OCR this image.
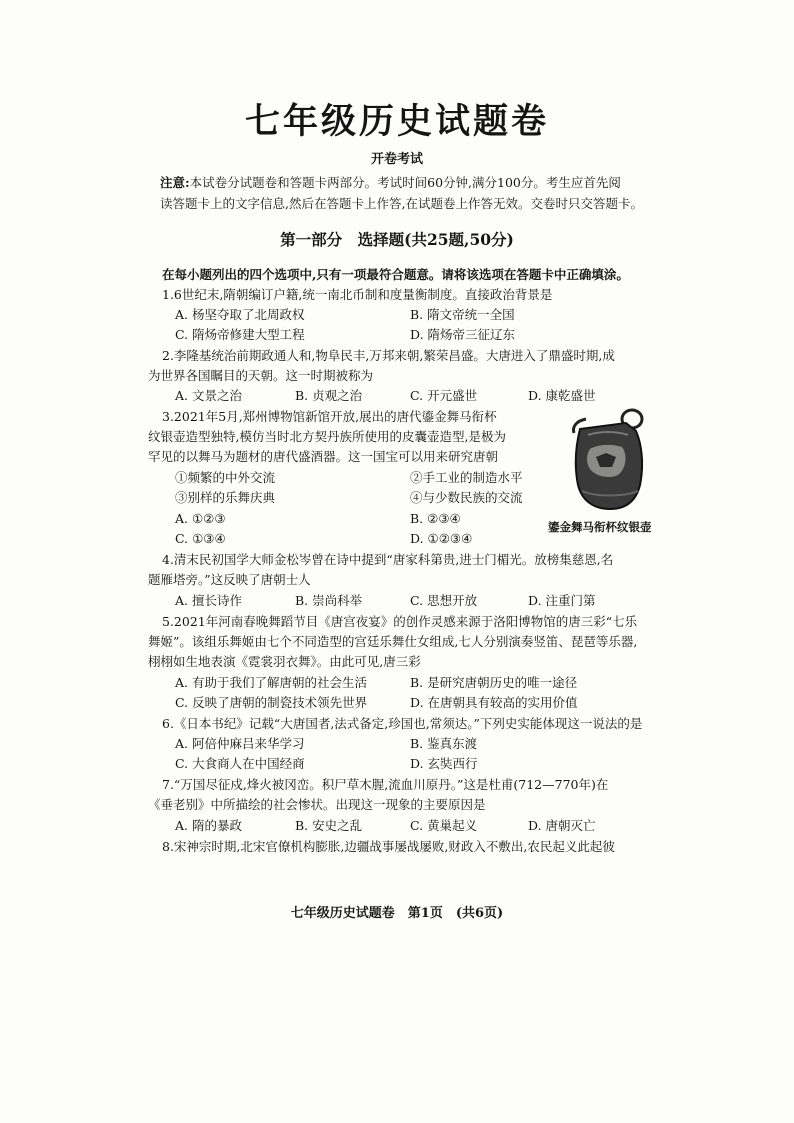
七年级历史试题卷
开卷考试
注意:本试卷分试题卷和答题卡两部分。考试时间60分钟,满分100分。考生应首先阅
读答题卡上的文字信息,然后在答题卡上作答,在试题卷上作答无效。交卷时只交答题卡。
第一部分　选择题(共25题,50分)
在每小题列出的四个选项中,只有一项最符合题意。请将该选项在答题卡中正确填涂。
1.6世纪末,隋朝编订户籍,统一南北币制和度量衡制度。直接政治背景是
A. 杨坚夺取了北周政权	B. 隋文帝统一全国
C. 隋炀帝修建大型工程	D. 隋炀帝三征辽东
2.李隆基统治前期政通人和,物阜民丰,万邦来朝,繁荣昌盛。大唐进入了鼎盛时期,成
为世界各国瞩目的天朝。这一时期被称为
A. 文景之治	B. 贞观之治	C. 开元盛世	D. 康乾盛世
3.2021年5月,郑州博物馆新馆开放,展出的唐代鎏金舞马衔杯
纹银壶造型独特,模仿当时北方契丹族所使用的皮囊壶造型,是极为
罕见的以舞马为题材的唐代盛酒器。这一国宝可以用来研究唐朝
①频繁的中外交流	②手工业的制造水平
③别样的乐舞庆典	④与少数民族的交流
A. ①②③	B. ②③④
C. ①③④	D. ①②③④
鎏金舞马衔杯纹银壶
4.清末民初国学大师金松岑曾在诗中提到“唐家科第贵,进士门楣光。放榜集慈恩,名
题雁塔旁。”这反映了唐朝士人
A. 擅长诗作	B. 崇尚科举	C. 思想开放	D. 注重门第
5.2021年河南春晚舞蹈节目《唐宫夜宴》的创作灵感来源于洛阳博物馆的唐三彩“七乐
舞姬”。该组乐舞姬由七个不同造型的宫廷乐舞仕女组成,七人分别演奏竖笛、琵琶等乐器,
栩栩如生地表演《霓裳羽衣舞》。由此可见,唐三彩
A. 有助于我们了解唐朝的社会生活	B. 是研究唐朝历史的唯一途径
C. 反映了唐朝的制瓷技术领先世界	D. 在唐朝具有较高的实用价值
6.《日本书纪》记载“大唐国者,法式备定,珍国也,常须达。”下列史实能体现这一说法的是
A. 阿倍仲麻吕来华学习	B. 鉴真东渡
C. 大食商人在中国经商	D. 玄奘西行
7.“万国尽征戍,烽火被冈峦。积尸草木腥,流血川原丹。”这是杜甫(712—770年)在
《垂老别》中所描绘的社会惨状。出现这一现象的主要原因是
A. 隋的暴政	B. 安史之乱	C. 黄巢起义	D. 唐朝灭亡
8.宋神宗时期,北宋官僚机构膨胀,边疆战事屡战屡败,财政入不敷出,农民起义此起彼
七年级历史试题卷　第1页　(共6页)
